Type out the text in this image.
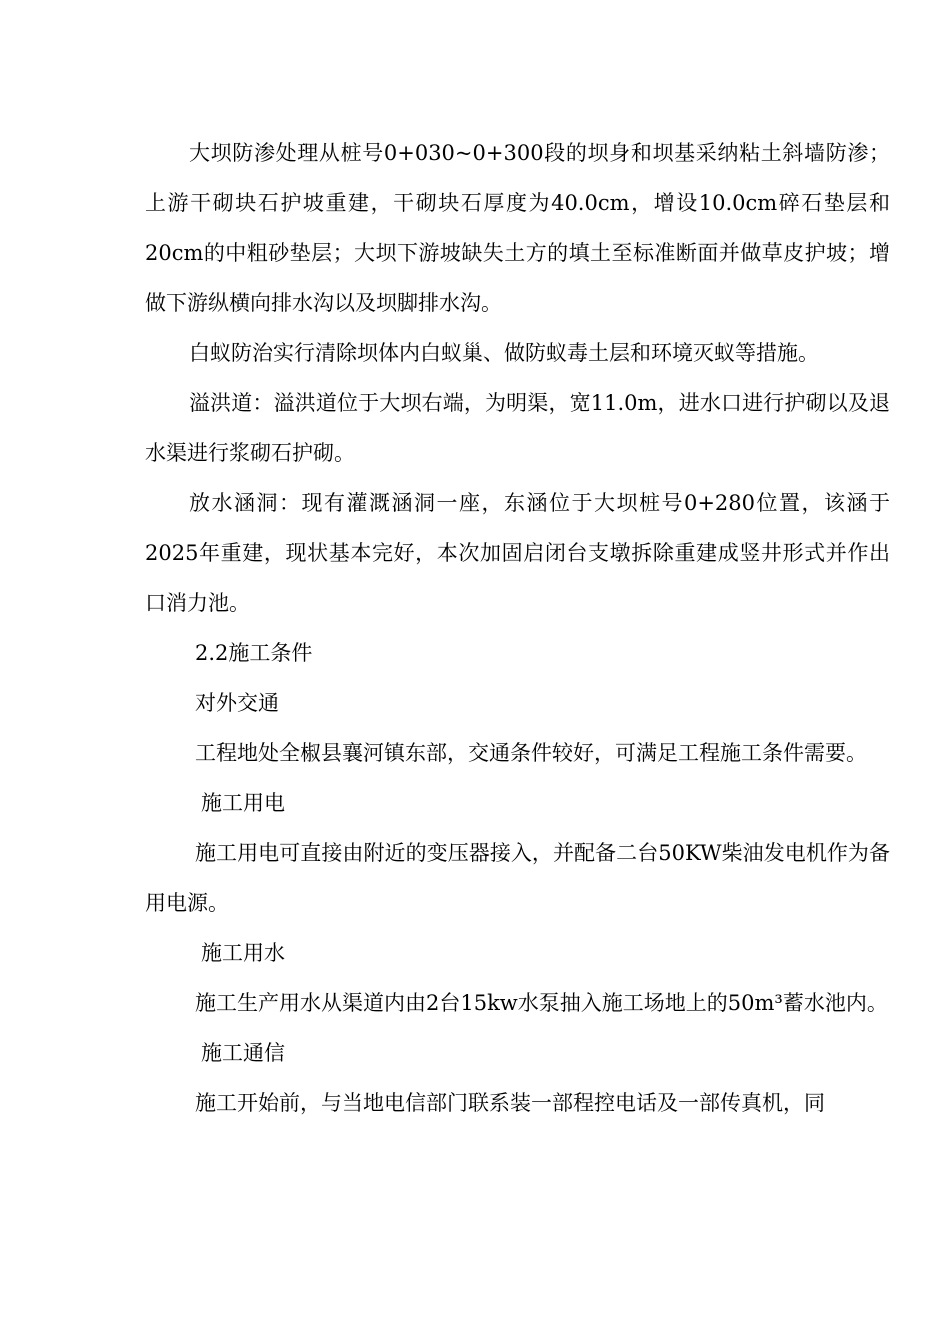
大坝防渗处理从桩号0+030~0+300段的坝身和坝基采纳粘土斜墙防渗；上游干砌块石护坡重建，干砌块石厚度为40.0cm，增设10.0cm碎石垫层和20cm的中粗砂垫层；大坝下游坡缺失土方的填土至标准断面并做草皮护坡；增做下游纵横向排水沟以及坝脚排水沟。

白蚁防治实行清除坝体内白蚁巢、做防蚁毒土层和环境灭蚁等措施。

溢洪道：溢洪道位于大坝右端，为明渠，宽11.0m，进水口进行护砌以及退水渠进行浆砌石护砌。

放水涵洞：现有灌溉涵洞一座，东涵位于大坝桩号0+280位置，该涵于2025年重建，现状基本完好，本次加固启闭台支墩拆除重建成竖井形式并作出口消力池。

2.2施工条件

对外交通

工程地处全椒县襄河镇东部，交通条件较好，可满足工程施工条件需要。

施工用电

施工用电可直接由附近的变压器接入，并配备二台50KW柴油发电机作为备用电源。

施工用水

施工生产用水从渠道内由2台15kw水泵抽入施工场地上的50m³蓄水池内。

施工通信

施工开始前，与当地电信部门联系装一部程控电话及一部传真机，同
